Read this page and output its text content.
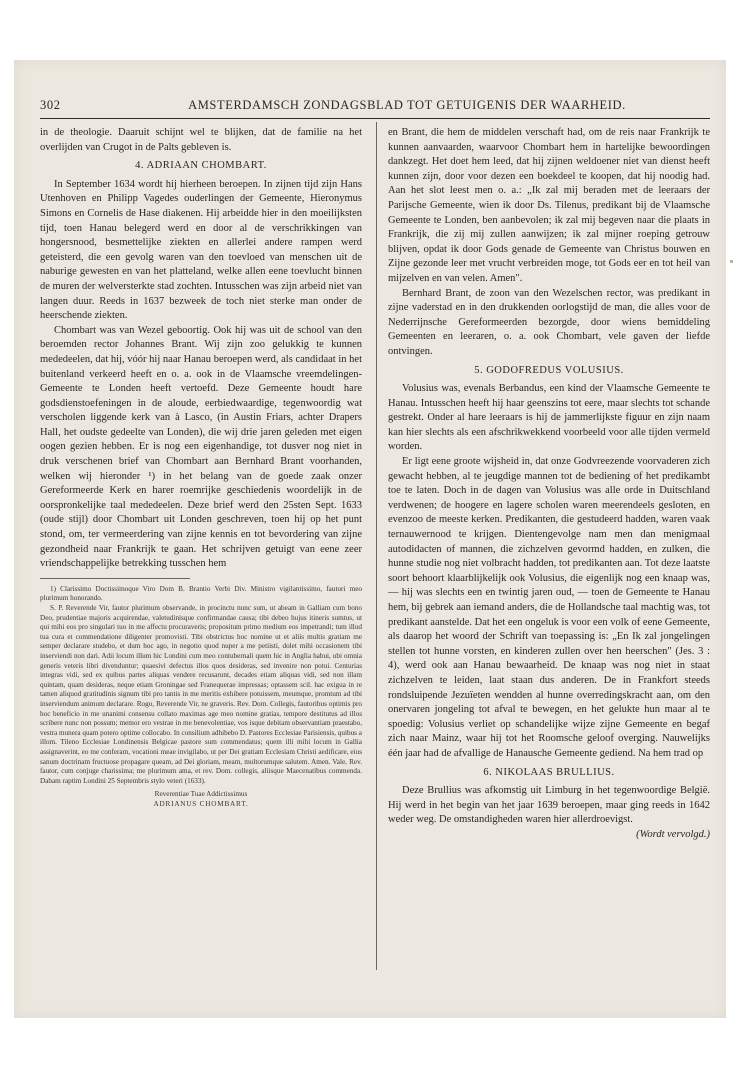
302	AMSTERDAMSCH ZONDAGSBLAD TOT GETUIGENIS DER WAARHEID.

in de theologie. Daaruit schijnt wel te blijken, dat de familie na het overlijden van Crugot in de Palts gebleven is.

4. ADRIAAN CHOMBART.

In September 1634 wordt hij hierheen beroepen. In zijnen tijd zijn Hans Utenhoven en Philipp Vagedes ouderlingen der Gemeente, Hieronymus Simons en Cornelis de Hase diakenen. Hij arbeidde hier in den moeilijksten tijd, toen Hanau belegerd werd en door al de verschrikkingen van hongersnood, besmettelijke ziekten en allerlei andere rampen werd geteisterd, die een gevolg waren van den toevloed van menschen uit de naburige gewesten en van het platteland, welke allen eene toevlucht binnen de muren der welversterkte stad zochten. Intusschen was zijn arbeid niet van langen duur. Reeds in 1637 bezweek de toch niet sterke man onder de heerschende ziekten.

Chombart was van Wezel geboortig. Ook hij was uit de school van den beroemden rector Johannes Brant. Wij zijn zoo gelukkig te kunnen mededeelen, dat hij, vóór hij naar Hanau beroepen werd, als candidaat in het buitenland verkeerd heeft en o. a. ook in de Vlaamsche vreemdelingen-Gemeente te Londen heeft vertoefd. Deze Gemeente houdt hare godsdienstoefeningen in de aloude, eerbiedwaardige, tegenwoordig wat verscholen liggende kerk van à Lasco, (in Austin Friars, achter Drapers Hall, het oudste gedeelte van Londen), die wij drie jaren geleden met eigen oogen gezien hebben. Er is nog een eigenhandige, tot dusver nog niet in druk verschenen brief van Chombart aan Bernhard Brant voorhanden, welken wij hieronder ¹) in het belang van de goede zaak onzer Gereformeerde Kerk en harer roemrijke geschiedenis woordelijk in de oorspronkelijke taal mededeelen. Deze brief werd den 25sten Sept. 1633 (oude stijl) door Chombart uit Londen geschreven, toen hij op het punt stond, om, ter vermeerdering van zijne kennis en tot bevordering van zijne gezondheid naar Frankrijk te gaan. Het schrijven getuigt van eene zeer vriendschappelijke betrekking tusschen hem

1) Clarissimo Doctissimoque Viro Dom B. Brantio Verbi Div. Ministro vigilantissimo, fautori meo plurimum honorando.

S. P. Reverende Vir, fautor plurimum observande, in procinctu nunc sum, ut abeam in Galliam cum bono Deo, prudentiae majoris acquirendae, valetudinisque confirmandae causa; tibi debeo hujus itineris sumtus, ut qui mihi eos pro singulari tuo in me affectu procuraveris; propositum primo medium eos impetrandi; tum illud tua cura et commendatione diligenter promovisti. Tibi obstrictus hoc nomine ut et aliis multis gratiam me semper declarare studebo, et dum hoc ago, in negotio quod nuper a me petiisti, dolet mihi occasionem tibi inserviendi non dari. Adii locum illum hic Londini cum meo contubernali quem hic in Anglia habui, ubi omnia generis veteris libri divenduntur; quaesivi defectus illos quos desideras, sed invenire non potui. Centurias integras vidi, sed ex quibus partes aliquas vendere recusarunt, decades etiam aliquas vidi, sed non illam quintam, quam desideras, neque etiam Groningae sed Franequerae impressas; optassem scil. hac exigua in re tamen aliquod gratitudinis signum tibi pro tantis in me meritis exhibere potuissem, meumque, promtum ad tibi inserviendum animum declarare. Rogo, Reverende Vir, ne graveris. Rev. Dom. Collegis, fautoribus optimis pro hoc beneficio in me unanimi consensu collato maximas age meo nomine gratias, tempore destitutus ad illos scribere nunc non possum; memor ero vestrae in me benevolentiae, vos isque debitam observantiam praestabo, vestra munera quam potero optime collocabo. In consilium adhibebo D. Pastores Ecclesiae Parisiensis, quibus a illom. Tileno Ecclesiae Londinensis Belgicae pastore sum commendatus; quem illi mihi locum in Gallia assignaverint, eo me conferam, vocationi meae invigilabo, ut per Dei gratiam Ecclesiam Christi aedificare, eius sanum doctrinam fructuose propagare queam, ad Dei gloriam, meam, multorumque salutem. Amen. Vale, Rev. fautor, cum conjuge charissima; me plurimum ama, et rev. Dom. collegis, aliisque Maecenatibus commenda. Dabam raptim Londini 25 Septembris stylo veteri (1633).

Reverentiae Tuae Addictissimus
ADRIANUS CHOMBART.

en Brant, die hem de middelen verschaft had, om de reis naar Frankrijk te kunnen aanvaarden, waarvoor Chombart hem in hartelijke bewoordingen dankzegt. Het doet hem leed, dat hij zijnen weldoener niet van dienst heeft kunnen zijn, door voor dezen een boekdeel te koopen, dat hij noodig had. Aan het slot leest men o. a.: „Ik zal mij beraden met de leeraars der Parijsche Gemeente, wien ik door Ds. Tilenus, predikant bij de Vlaamsche Gemeente te Londen, ben aanbevolen; ik zal mij begeven naar die plaats in Frankrijk, die zij mij zullen aanwijzen; ik zal mijner roeping getrouw blijven, opdat ik door Gods genade de Gemeente van Christus bouwen en Zijne gezonde leer met vrucht verbreiden moge, tot Gods eer en tot heil van mijzelven en van velen. Amen".

Bernhard Brant, de zoon van den Wezelschen rector, was predikant in zijne vaderstad en in den drukkenden oorlogstijd de man, die alles voor de Nederrijnsche Gereformeerden bezorgde, door wiens bemiddeling Gemeenten en leeraren, o. a. ook Chombart, vele gaven der liefde ontvingen.

5. GODOFREDUS VOLUSIUS.

Volusius was, evenals Berbandus, een kind der Vlaamsche Gemeente te Hanau. Intusschen heeft hij haar geenszins tot eere, maar slechts tot schande gestrekt. Onder al hare leeraars is hij de jammerlijkste figuur en zijn naam kan hier slechts als een afschrikwekkend voorbeeld voor alle tijden vermeld worden.

Er ligt eene groote wijsheid in, dat onze Godvreezende voorvaderen zich gewacht hebben, al te jeugdige mannen tot de bediening of het predikambt toe te laten. Doch in de dagen van Volusius was alle orde in Duitschland verdwenen; de hoogere en lagere scholen waren meerendeels gesloten, en evenzoo de meeste kerken. Predikanten, die gestudeerd hadden, waren vaak ternauwernood te krijgen. Dientengevolge nam men dan menigmaal autodidacten of mannen, die zichzelven gevormd hadden, en zulken, die hunne studie nog niet volbracht hadden, tot predikanten aan. Tot deze laatste soort behoort klaarblijkelijk ook Volusius, die eigenlijk nog een knaap was, — hij was slechts een en twintig jaren oud, — toen de Gemeente te Hanau hem, bij gebrek aan iemand anders, die de Hollandsche taal machtig was, tot predikant aanstelde. Dat het een ongeluk is voor een volk of eene Gemeente, als daarop het woord der Schrift van toepassing is: „En Ik zal jongelingen stellen tot hunne vorsten, en kinderen zullen over hen heerschen" (Jes. 3 : 4), werd ook aan Hanau bewaarheid. De knaap was nog niet in staat zichzelven te leiden, laat staan dus anderen. De in Frankfort steeds rondsluipende Jezuïeten wendden al hunne overredingskracht aan, om den onervaren jongeling tot afval te bewegen, en het gelukte hun maar al te spoedig: Volusius verliet op schandelijke wijze zijne Gemeente en begaf zich naar Mainz, waar hij tot het Roomsche geloof overging. Nauwelijks één jaar had de afvallige de Hanausche Gemeente gediend. Na hem trad op

6. NIKOLAAS BRULLIUS.

Deze Brullius was afkomstig uit Limburg in het tegenwoordige België. Hij werd in het begin van het jaar 1639 beroepen, maar ging reeds in 1642 weder weg. De omstandigheden waren hier allerdroevigst.
(Wordt vervolgd.)
